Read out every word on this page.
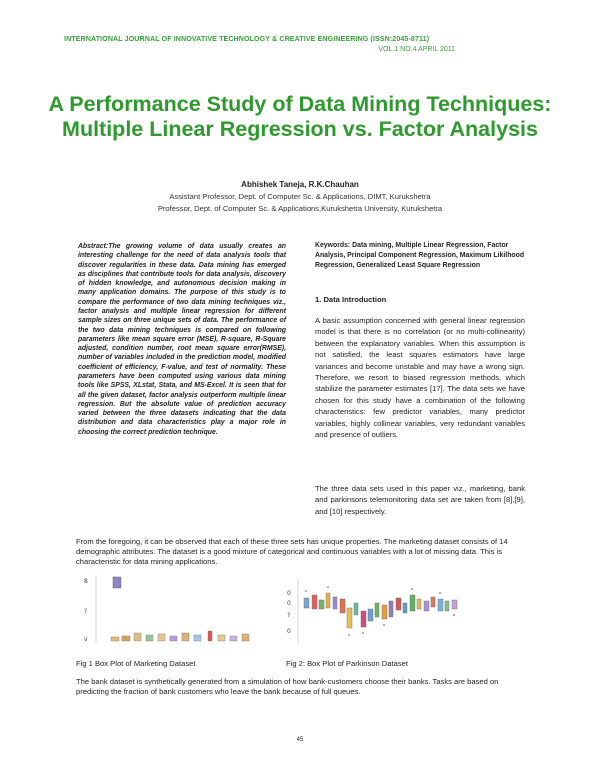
INTERNATIONAL JOURNAL OF INNOVATIVE TECHNOLOGY & CREATIVE ENGINEERING (ISSN:2045-8711)
VOL.1 NO.4 APRIL 2011
A Performance Study of Data Mining Techniques: Multiple Linear Regression vs. Factor Analysis
Abhishek Taneja, R.K.Chauhan
Assistant Professor, Dept. of Computer Sc. & Applications, DIMT, Kurukshetra
Professor, Dept. of Computer Sc. & Applications,Kurukshetra University, Kurukshetra
Abstract:The growing volume of data usually creates an interesting challenge for the need of data analysis tools that discover regularities in these data. Data mining has emerged as disciplines that contribute tools for data analysis, discovery of hidden knowledge, and autonomous decision making in many application domains. The purpose of this study is to compare the performance of two data mining techniques viz., factor analysis and multiple linear regression for different sample sizes on three unique sets of data. The performance of the two data mining techniques is compared on following parameters like mean square error (MSE), R-square, R-Square adjusted, condition number, root mean square error(RMSE), number of variables included in the prediction model, modified coefficient of efficiency, F-value, and test of normality. These parameters have been computed using various data mining tools like SPSS, XLstat, Stata, and MS-Excel. It is seen that for all the given dataset, factor analysis outperform multiple linear regression. But the absolute value of prediction accuracy varied between the three datasets indicating that the data distribution and data characteristics play a major role in choosing the correct prediction technique.
Keywords: Data mining, Multiple Linear Regression, Factor Analysis, Principal Component Regression, Maximum Likilhood Regression, Generalized Least Square Regression
1. Data Introduction
A basic assumption concerned with general linear regression model is that there is no correlation (or no multi-collinearity) between the explanatory variables. When this assumption is not satisfied, the least squares estimators have large variances and become unstable and may have a wrong sign. Therefore, we resort to biased regression methods, which stabilize the parameter estimates [17]. The data sets we have chosen for this study have a combination of the following characteristics: few predictor variables, many predictor variables, highly collinear variables, very redundant variables and presence of outliers.
The three data sets used in this paper viz., marketing, bank and parkinsons telemonitoring data set are taken from [8],[9], and [10] respectively.
From the foregoing, it can be observed that each of these three sets has unique properties. The marketing dataset consists of 14 demographic attributes. The dataset is a good mixture of categorical and continuous variables with a lot of missing data. This is characteristic for data mining applications.
8
?
v
Fig 1 Box Plot of Marketing Dataset
0
0
?
0
Fig 2: Box Plot of Parkinson Dataset
The bank dataset is synthetically generated from a simulation of how bank-customers choose their banks. Tasks are based on predicting the fraction of bank customers who leave the bank because of full queues.
45
